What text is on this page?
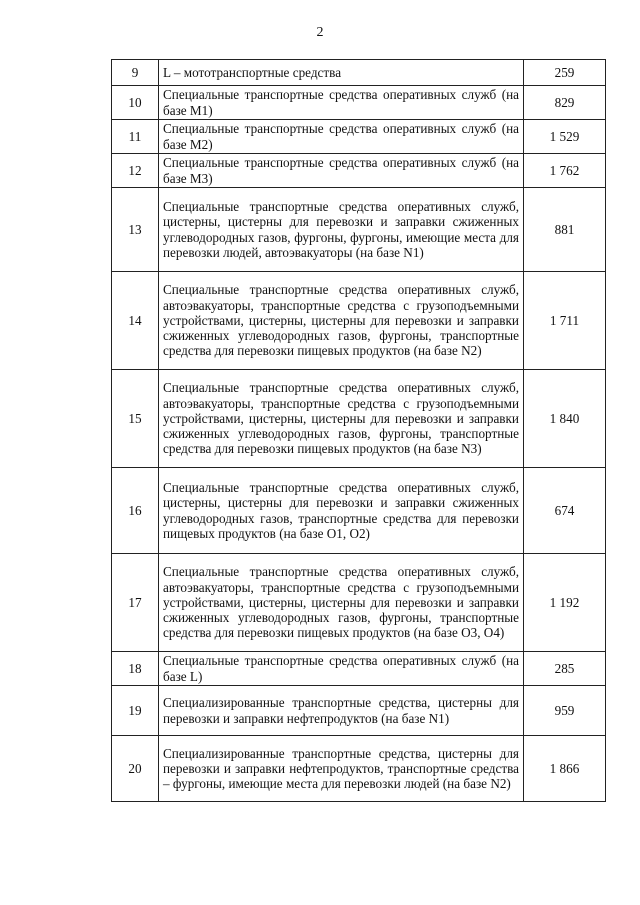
2
9	L – мототранспортные средства	259
10	Специальные транспортные средства оперативных служб (на базе М1)	829
11	Специальные транспортные средства оперативных служб (на базе М2)	1 529
12	Специальные транспортные средства оперативных служб (на базе М3)	1 762
13	Специальные транспортные средства оперативных служб, цистерны, цистерны для перевозки и заправки сжиженных углеводородных газов, фургоны, фургоны, имеющие места для перевозки людей, автоэвакуаторы (на базе N1)	881
14	Специальные транспортные средства оперативных служб, автоэвакуаторы, транспортные средства с грузоподъемными устройствами, цистерны, цистерны для перевозки и заправки сжиженных углеводородных газов, фургоны, транспортные средства для перевозки пищевых продуктов (на базе N2)	1 711
15	Специальные транспортные средства оперативных служб, автоэвакуаторы, транспортные средства с грузоподъемными устройствами, цистерны, цистерны для перевозки и заправки сжиженных углеводородных газов, фургоны, транспортные средства для перевозки пищевых продуктов (на базе N3)	1 840
16	Специальные транспортные средства оперативных служб, цистерны, цистерны для перевозки и заправки сжиженных углеводородных газов, транспортные средства для перевозки пищевых продуктов (на базе О1, О2)	674
17	Специальные транспортные средства оперативных служб, автоэвакуаторы, транспортные средства с грузоподъемными устройствами, цистерны, цистерны для перевозки и заправки сжиженных углеводородных газов, фургоны, транспортные средства для перевозки пищевых продуктов (на базе О3, О4)	1 192
18	Специальные транспортные средства оперативных служб (на базе L)	285
19	Специализированные транспортные средства, цистерны для перевозки и заправки нефтепродуктов (на базе N1)	959
20	Специализированные транспортные средства, цистерны для перевозки и заправки нефтепродуктов, транспортные средства – фургоны, имеющие места для перевозки людей (на базе N2)	1 866
